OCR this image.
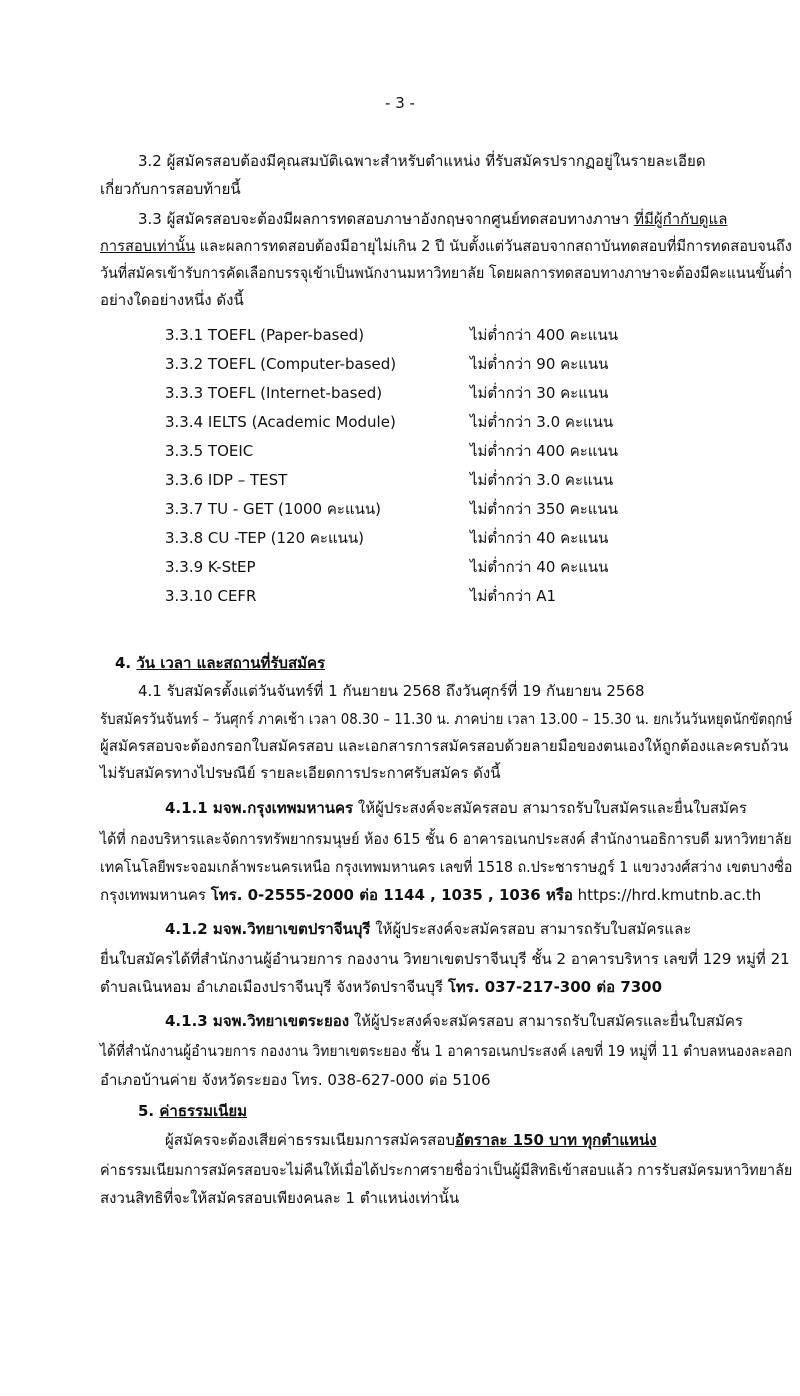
- 3 -
3.2 ผู้สมัครสอบต้องมีคุณสมบัติเฉพาะสำหรับตำแหน่ง ที่รับสมัครปรากฏอยู่ในรายละเอียด
เกี่ยวกับการสอบท้ายนี้
3.3 ผู้สมัครสอบจะต้องมีผลการทดสอบภาษาอังกฤษจากศูนย์ทดสอบทางภาษา ที่มีผู้กำกับดูแล
การสอบเท่านั้น และผลการทดสอบต้องมีอายุไม่เกิน 2 ปี นับตั้งแต่วันสอบจากสถาบันทดสอบที่มีการทดสอบจนถึง
วันที่สมัครเข้ารับการคัดเลือกบรรจุเข้าเป็นพนักงานมหาวิทยาลัย โดยผลการทดสอบทางภาษาจะต้องมีคะแนนขั้นต่ำ
อย่างใดอย่างหนึ่ง ดังนี้
3.3.1 TOEFL (Paper-based)	ไม่ต่ำกว่า 400 คะแนน
3.3.2 TOEFL (Computer-based)	ไม่ต่ำกว่า 90 คะแนน
3.3.3 TOEFL (Internet-based)	ไม่ต่ำกว่า 30 คะแนน
3.3.4 IELTS (Academic Module)	ไม่ต่ำกว่า 3.0 คะแนน
3.3.5 TOEIC	ไม่ต่ำกว่า 400 คะแนน
3.3.6 IDP – TEST	ไม่ต่ำกว่า 3.0 คะแนน
3.3.7 TU - GET (1000 คะแนน)	ไม่ต่ำกว่า 350 คะแนน
3.3.8 CU -TEP (120 คะแนน)	ไม่ต่ำกว่า 40 คะแนน
3.3.9 K-StEP	ไม่ต่ำกว่า 40 คะแนน
3.3.10 CEFR	ไม่ต่ำกว่า A1
4. วัน เวลา และสถานที่รับสมัคร
4.1 รับสมัครตั้งแต่วันจันทร์ที่ 1 กันยายน 2568 ถึงวันศุกร์ที่ 19 กันยายน 2568
รับสมัครวันจันทร์ – วันศุกร์ ภาคเช้า เวลา 08.30 – 11.30 น. ภาคบ่าย เวลา 13.00 – 15.30 น. ยกเว้นวันหยุดนักขัตฤกษ์
ผู้สมัครสอบจะต้องกรอกใบสมัครสอบ และเอกสารการสมัครสอบด้วยลายมือของตนเองให้ถูกต้องและครบถ้วน
ไม่รับสมัครทางไปรษณีย์ รายละเอียดการประกาศรับสมัคร ดังนี้
4.1.1 มจพ.กรุงเทพมหานคร ให้ผู้ประสงค์จะสมัครสอบ สามารถรับใบสมัครและยื่นใบสมัคร
ได้ที่ กองบริหารและจัดการทรัพยากรมนุษย์ ห้อง 615 ชั้น 6 อาคารอเนกประสงค์ สำนักงานอธิการบดี มหาวิทยาลัย
เทคโนโลยีพระจอมเกล้าพระนครเหนือ กรุงเทพมหานคร เลขที่ 1518 ถ.ประชาราษฎร์ 1 แขวงวงศ์สว่าง เขตบางซื่อ
กรุงเทพมหานคร โทร. 0-2555-2000 ต่อ 1144 , 1035 , 1036 หรือ https://hrd.kmutnb.ac.th
4.1.2 มจพ.วิทยาเขตปราจีนบุรี ให้ผู้ประสงค์จะสมัครสอบ สามารถรับใบสมัครและ
ยื่นใบสมัครได้ที่สำนักงานผู้อำนวยการ กองงาน วิทยาเขตปราจีนบุรี ชั้น 2 อาคารบริหาร เลขที่ 129 หมู่ที่ 21
ตำบลเนินหอม อำเภอเมืองปราจีนบุรี จังหวัดปราจีนบุรี โทร. 037-217-300 ต่อ 7300
4.1.3 มจพ.วิทยาเขตระยอง ให้ผู้ประสงค์จะสมัครสอบ สามารถรับใบสมัครและยื่นใบสมัคร
ได้ที่สำนักงานผู้อำนวยการ กองงาน วิทยาเขตระยอง ชั้น 1 อาคารอเนกประสงค์ เลขที่ 19 หมู่ที่ 11 ตำบลหนองละลอก
อำเภอบ้านค่าย จังหวัดระยอง โทร. 038-627-000 ต่อ 5106
5. ค่าธรรมเนียม
ผู้สมัครจะต้องเสียค่าธรรมเนียมการสมัครสอบอัตราละ 150 บาท ทุกตำแหน่ง
ค่าธรรมเนียมการสมัครสอบจะไม่คืนให้เมื่อได้ประกาศรายชื่อว่าเป็นผู้มีสิทธิเข้าสอบแล้ว การรับสมัครมหาวิทยาลัย
สงวนสิทธิที่จะให้สมัครสอบเพียงคนละ 1 ตำแหน่งเท่านั้น
